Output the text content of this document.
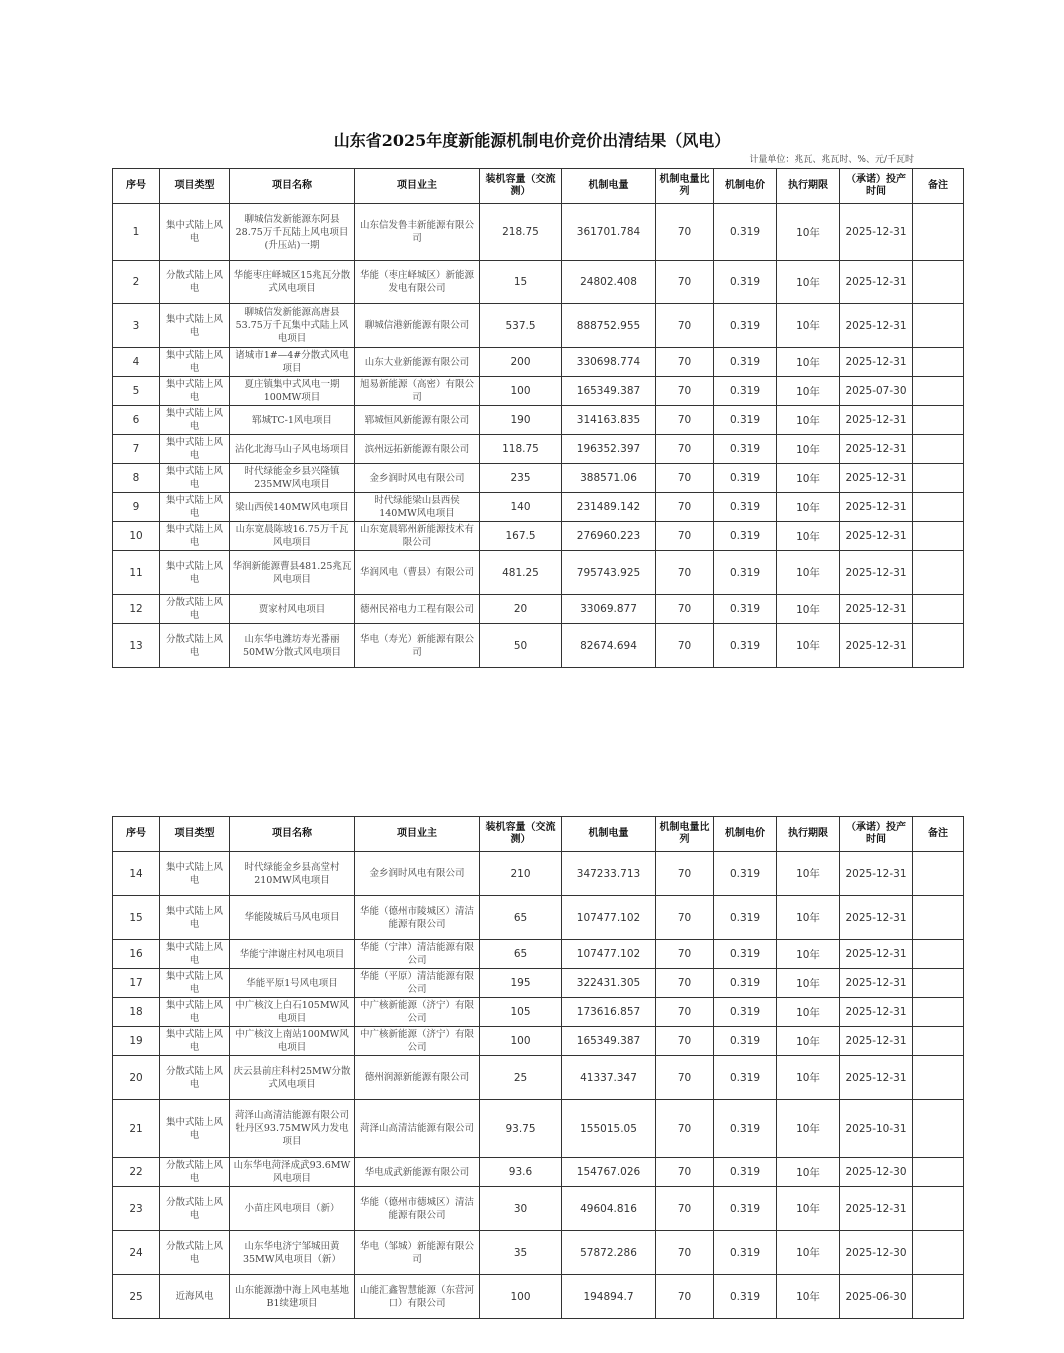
山东省2025年度新能源机制电价竞价出清结果（风电）
计量单位：兆瓦、兆瓦时、%、元/千瓦时
序号	项目类型	项目名称	项目业主	装机容量（交流测）	机制电量	机制电量比列	机制电价	执行期限	（承诺）投产时间	备注
1	集中式陆上风电	聊城信发新能源东阿县28.75万千瓦陆上风电项目(升压站)一期	山东信发鲁丰新能源有限公司	218.75	361701.784	70	0.319	10年	2025-12-31	
2	分散式陆上风电	华能枣庄峄城区15兆瓦分散式风电项目	华能（枣庄峄城区）新能源发电有限公司	15	24802.408	70	0.319	10年	2025-12-31	
3	集中式陆上风电	聊城信发新能源高唐县53.75万千瓦集中式陆上风电项目	聊城信港新能源有限公司	537.5	888752.955	70	0.319	10年	2025-12-31	
4	集中式陆上风电	诸城市1#—4#分散式风电项目	山东大业新能源有限公司	200	330698.774	70	0.319	10年	2025-12-31	
5	集中式陆上风电	夏庄镇集中式风电一期100MW项目	旭易新能源（高密）有限公司	100	165349.387	70	0.319	10年	2025-07-30	
6	集中式陆上风电	郓城TC-1风电项目	郓城恒风新能源有限公司	190	314163.835	70	0.319	10年	2025-12-31	
7	集中式陆上风电	沾化北海马山子风电场项目	滨州远拓新能源有限公司	118.75	196352.397	70	0.319	10年	2025-12-31	
8	集中式陆上风电	时代绿能金乡县兴隆镇235MW风电项目	金乡润时风电有限公司	235	388571.06	70	0.319	10年	2025-12-31	
9	集中式陆上风电	梁山西侯140MW风电项目	时代绿能梁山县西侯140MW风电项目	140	231489.142	70	0.319	10年	2025-12-31	
10	集中式陆上风电	山东宽晨陈坡16.75万千瓦风电项目	山东宽晨郓州新能源技术有限公司	167.5	276960.223	70	0.319	10年	2025-12-31	
11	集中式陆上风电	华润新能源曹县481.25兆瓦风电项目	华润风电（曹县）有限公司	481.25	795743.925	70	0.319	10年	2025-12-31	
12	分散式陆上风电	贾家村风电项目	德州民裕电力工程有限公司	20	33069.877	70	0.319	10年	2025-12-31	
13	分散式陆上风电	山东华电潍坊寿光番丽50MW分散式风电项目	华电（寿光）新能源有限公司	50	82674.694	70	0.319	10年	2025-12-31	
序号	项目类型	项目名称	项目业主	装机容量（交流测）	机制电量	机制电量比列	机制电价	执行期限	（承诺）投产时间	备注
14	集中式陆上风电	时代绿能金乡县高堂村210MW风电项目	金乡润时风电有限公司	210	347233.713	70	0.319	10年	2025-12-31	
15	集中式陆上风电	华能陵城后马风电项目	华能（德州市陵城区）清洁能源有限公司	65	107477.102	70	0.319	10年	2025-12-31	
16	集中式陆上风电	华能宁津谢庄村风电项目	华能（宁津）清洁能源有限公司	65	107477.102	70	0.319	10年	2025-12-31	
17	集中式陆上风电	华能平原1号风电项目	华能（平原）清洁能源有限公司	195	322431.305	70	0.319	10年	2025-12-31	
18	集中式陆上风电	中广核汶上白石105MW风电项目	中广核新能源（济宁）有限公司	105	173616.857	70	0.319	10年	2025-12-31	
19	集中式陆上风电	中广核汶上南站100MW风电项目	中广核新能源（济宁）有限公司	100	165349.387	70	0.319	10年	2025-12-31	
20	分散式陆上风电	庆云县前庄科村25MW分散式风电项目	德州润源新能源有限公司	25	41337.347	70	0.319	10年	2025-12-31	
21	集中式陆上风电	菏泽山高清洁能源有限公司牡丹区93.75MW风力发电项目	菏泽山高清洁能源有限公司	93.75	155015.05	70	0.319	10年	2025-10-31	
22	分散式陆上风电	山东华电菏泽成武93.6MW风电项目	华电成武新能源有限公司	93.6	154767.026	70	0.319	10年	2025-12-30	
23	分散式陆上风电	小苗庄风电项目（新）	华能（德州市德城区）清洁能源有限公司	30	49604.816	70	0.319	10年	2025-12-31	
24	分散式陆上风电	山东华电济宁邹城田黄35MW风电项目（新）	华电（邹城）新能源有限公司	35	57872.286	70	0.319	10年	2025-12-30	
25	近海风电	山东能源渤中海上风电基地B1续建项目	山能汇鑫智慧能源（东营河口）有限公司	100	194894.7	70	0.319	10年	2025-06-30	
